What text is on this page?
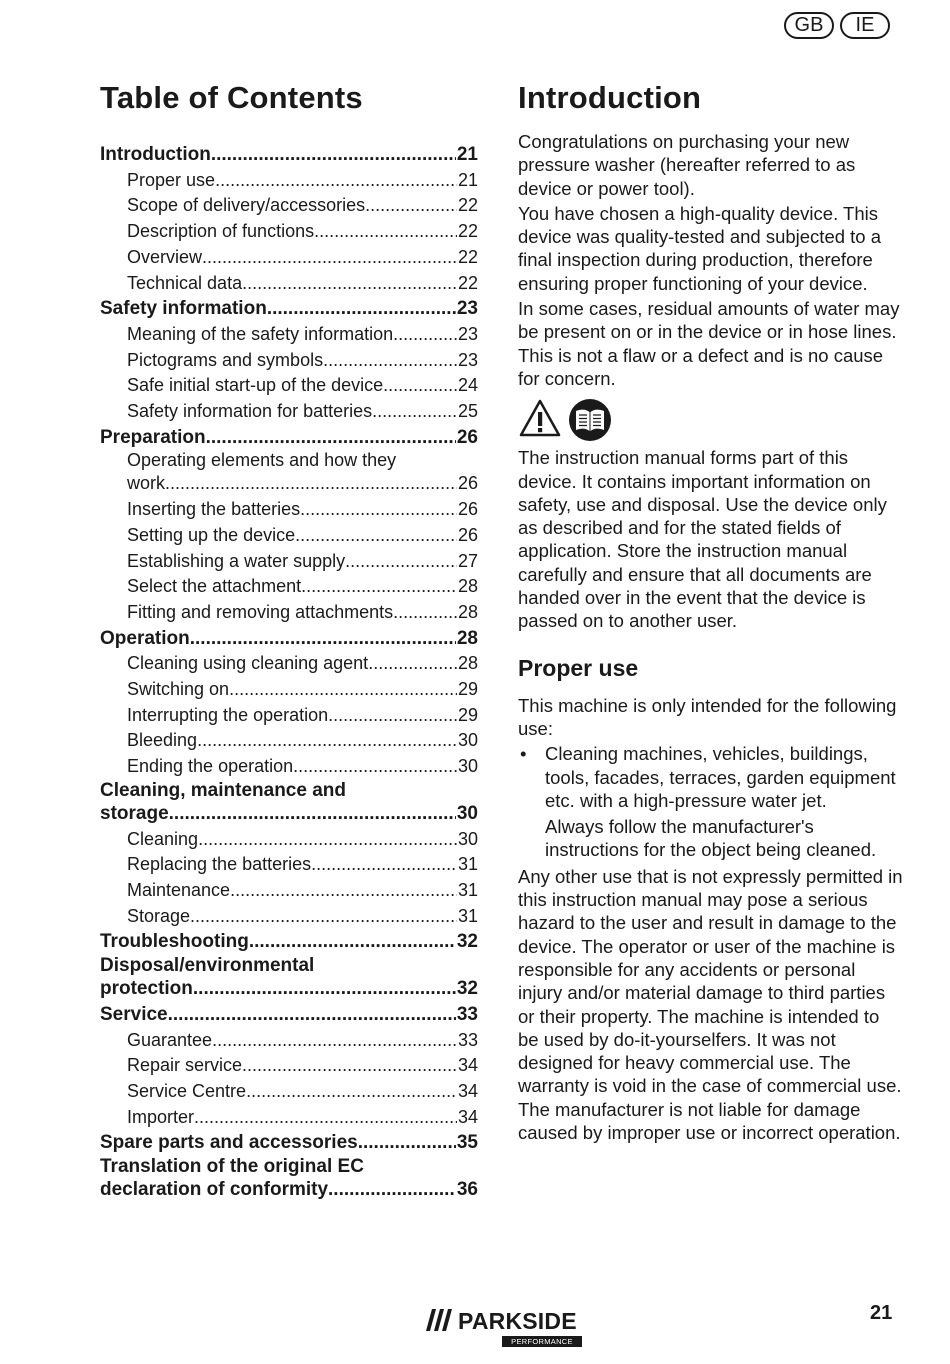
GB	IE
Table of Contents
Introduction .....	21
Proper use .....	21
Scope of delivery/accessories .....	22
Description of functions .....	22
Overview .....	22
Technical data .....	22
Safety information .....	23
Meaning of the safety information .....	23
Pictograms and symbols .....	23
Safe initial start-up of the device .....	24
Safety information for batteries .....	25
Preparation .....	26
Operating elements and how they
work .....	26
Inserting the batteries .....	26
Setting up the device .....	26
Establishing a water supply .....	27
Select the attachment .....	28
Fitting and removing attachments .....	28
Operation .....	28
Cleaning using cleaning agent .....	28
Switching on .....	29
Interrupting the operation .....	29
Bleeding .....	30
Ending the operation .....	30
Cleaning, maintenance and
storage .....	30
Cleaning .....	30
Replacing the batteries .....	31
Maintenance .....	31
Storage .....	31
Troubleshooting .....	32
Disposal/environmental
protection .....	32
Service .....	33
Guarantee .....	33
Repair service .....	34
Service Centre .....	34
Importer .....	34
Spare parts and accessories .....	35
Translation of the original EC
declaration of conformity .....	36
Introduction

Congratulations on purchasing your new pressure washer (hereafter referred to as device or power tool).

You have chosen a high-quality device. This device was quality-tested and subjected to a final inspection during production, therefore ensuring proper functioning of your device.

In some cases, residual amounts of water may be present on or in the device or in hose lines. This is not a flaw or a defect and is no cause for concern.

The instruction manual forms part of this device. It contains important information on safety, use and disposal. Use the device only as described and for the stated fields of application. Store the instruction manual carefully and ensure that all documents are handed over in the event that the device is passed on to another user.

Proper use

This machine is only intended for the following use:

• Cleaning machines, vehicles, buildings, tools, facades, terraces, garden equipment etc. with a high-pressure water jet.
Always follow the manufacturer's instructions for the object being cleaned.

Any other use that is not expressly permitted in this instruction manual may pose a serious hazard to the user and result in damage to the device. The operator or user of the machine is responsible for any accidents or personal injury and/or material damage to third parties or their property. The machine is intended to be used by do-it-yourselfers. It was not designed for heavy commercial use. The warranty is void in the case of commercial use. The manufacturer is not liable for damage caused by improper use or incorrect operation.

PARKSIDE
PERFORMANCE
21
